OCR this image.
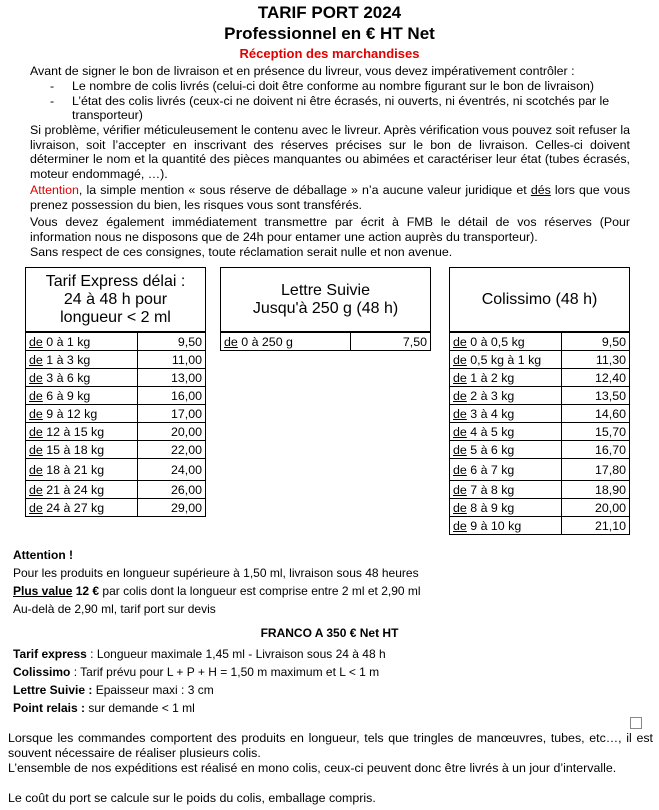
TARIF PORT 2024
Professionnel en € HT Net
Réception des marchandises
Avant de signer le bon de livraison et en présence du livreur, vous devez impérativement contrôler :
- Le nombre de colis livrés (celui-ci doit être conforme au nombre figurant sur le bon de livraison)
- L’état des colis livrés (ceux-ci ne doivent ni être écrasés, ni ouverts, ni éventrés, ni scotchés par le transporteur)
Si problème, vérifier méticuleusement le contenu avec le livreur. Après vérification vous pouvez soit refuser la livraison, soit l’accepter en inscrivant des réserves précises sur le bon de livraison. Celles-ci doivent déterminer le nom et la quantité des pièces manquantes ou abimées et caractériser leur état (tubes écrasés, moteur endommagé, …).
Attention, la simple mention « sous réserve de déballage » n’a aucune valeur juridique et dés lors que vous prenez possession du bien, les risques vous sont transférés.
Vous devez également immédiatement transmettre par écrit à FMB le détail de vos réserves (Pour information nous ne disposons que de 24h pour entamer une action auprès du transporteur).
Sans respect de ces consignes, toute réclamation serait nulle et non avenue.
Tarif Express délai :
24 à 48 h pour
longueur < 2 ml
de 0 à 1 kg	9,50
de 1 à 3 kg	11,00
de 3 à 6 kg	13,00
de 6 à 9 kg	16,00
de 9 à 12 kg	17,00
de 12 à 15 kg	20,00
de 15 à 18 kg	22,00
de 18 à 21 kg	24,00
de 21 à 24 kg	26,00
de 24 à 27 kg	29,00
Lettre Suivie
Jusqu'à 250 g (48 h)
de 0 à 250 g	7,50
Colissimo (48 h)
de 0 à 0,5 kg	9,50
de 0,5 kg à 1 kg	11,30
de 1 à 2 kg	12,40
de 2 à 3 kg	13,50
de 3 à 4 kg	14,60
de 4 à 5 kg	15,70
de 5 à 6 kg	16,70
de 6 à 7 kg	17,80
de 7 à 8 kg	18,90
de 8 à 9 kg	20,00
de 9 à 10 kg	21,10
Attention !
Pour les produits en longueur supérieure à 1,50 ml, livraison sous 48 heures
Plus value 12 € par colis dont la longueur est comprise entre 2 ml et 2,90 ml
Au-delà de 2,90 ml, tarif port sur devis
FRANCO A 350 € Net HT
Tarif express : Longueur maximale 1,45 ml - Livraison sous 24 à 48 h
Colissimo : Tarif prévu pour L + P + H = 1,50 m maximum et L < 1 m
Lettre Suivie : Epaisseur maxi : 3 cm
Point relais : sur demande < 1 ml
Lorsque les commandes comportent des produits en longueur, tels que tringles de manœuvres, tubes, etc…, il est souvent nécessaire de réaliser plusieurs colis.
L’ensemble de nos expéditions est réalisé en mono colis, ceux-ci peuvent donc être livrés à un jour d’intervalle.
Le coût du port se calcule sur le poids du colis, emballage compris.
